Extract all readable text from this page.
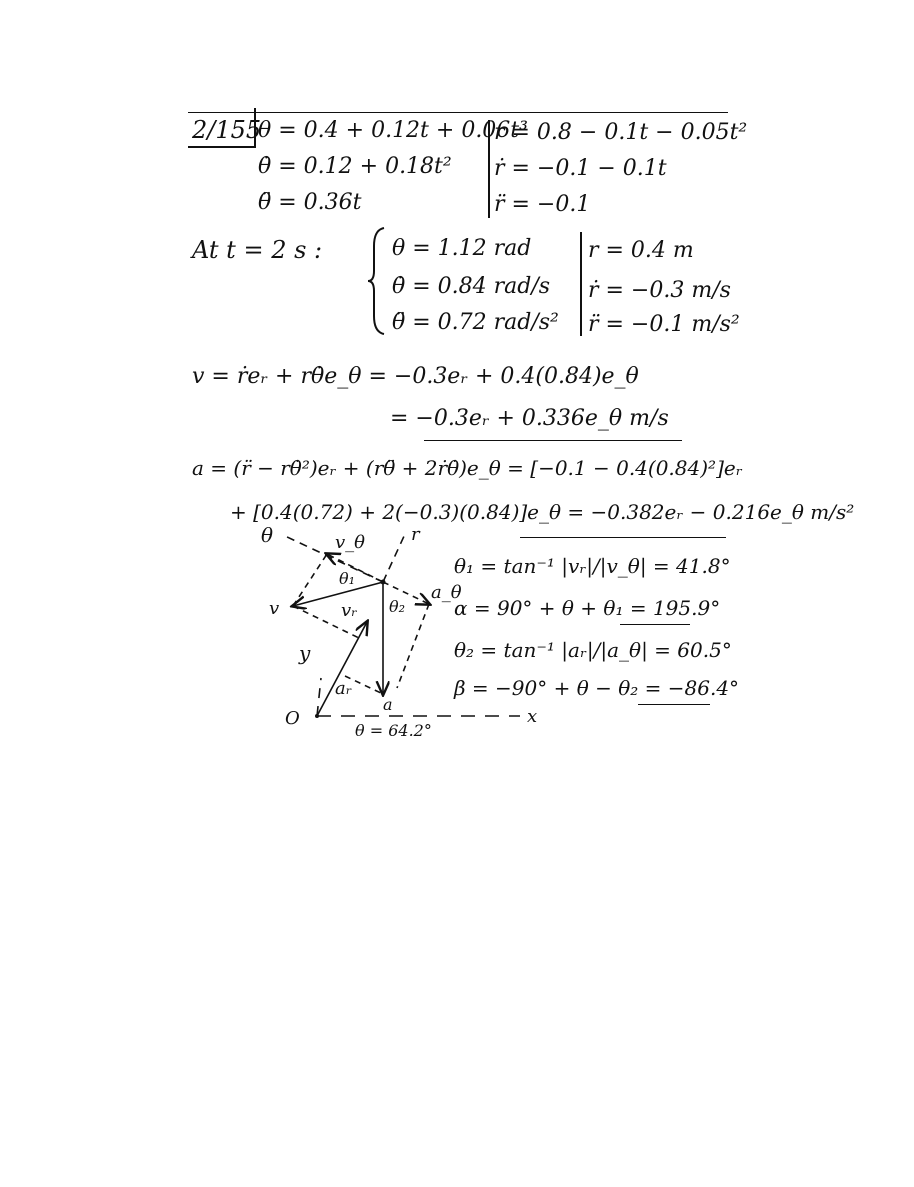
2/155
θ = 0.4 + 0.12t + 0.06t³
θ̇ = 0.12 + 0.18t²
θ̈ = 0.36t
r = 0.8 − 0.1t − 0.05t²
ṙ = −0.1 − 0.1t
r̈ = −0.1
At t = 2 s :	θ = 1.12 rad
θ̇ = 0.84 rad/s
θ̈ = 0.72 rad/s²
r = 0.4 m
ṙ = −0.3 m/s
r̈ = −0.1 m/s²
v = ṙeᵣ + rθ̇e_θ = −0.3eᵣ + 0.4(0.84)e_θ
= −0.3eᵣ + 0.336e_θ m/s
a = (r̈ − rθ̇²)eᵣ + (rθ̈ + 2ṙθ̇)e_θ = [−0.1 − 0.4(0.84)²]eᵣ
+ [0.4(0.72) + 2(−0.3)(0.84)]e_θ = −0.382eᵣ − 0.216e_θ m/s²
θ₁ = tan⁻¹ |vᵣ|/|v_θ| = 41.8°
α = 90° + θ + θ₁ = 195.9°
θ₂ = tan⁻¹ |aᵣ|/|a_θ| = 60.5°
β = −90° + θ − θ₂ = −86.4°
θ	r
v_θ
θ₁
v	vᵣ θ₂
a_θ
y
aᵣ
a
O
θ = 64.2°
x
